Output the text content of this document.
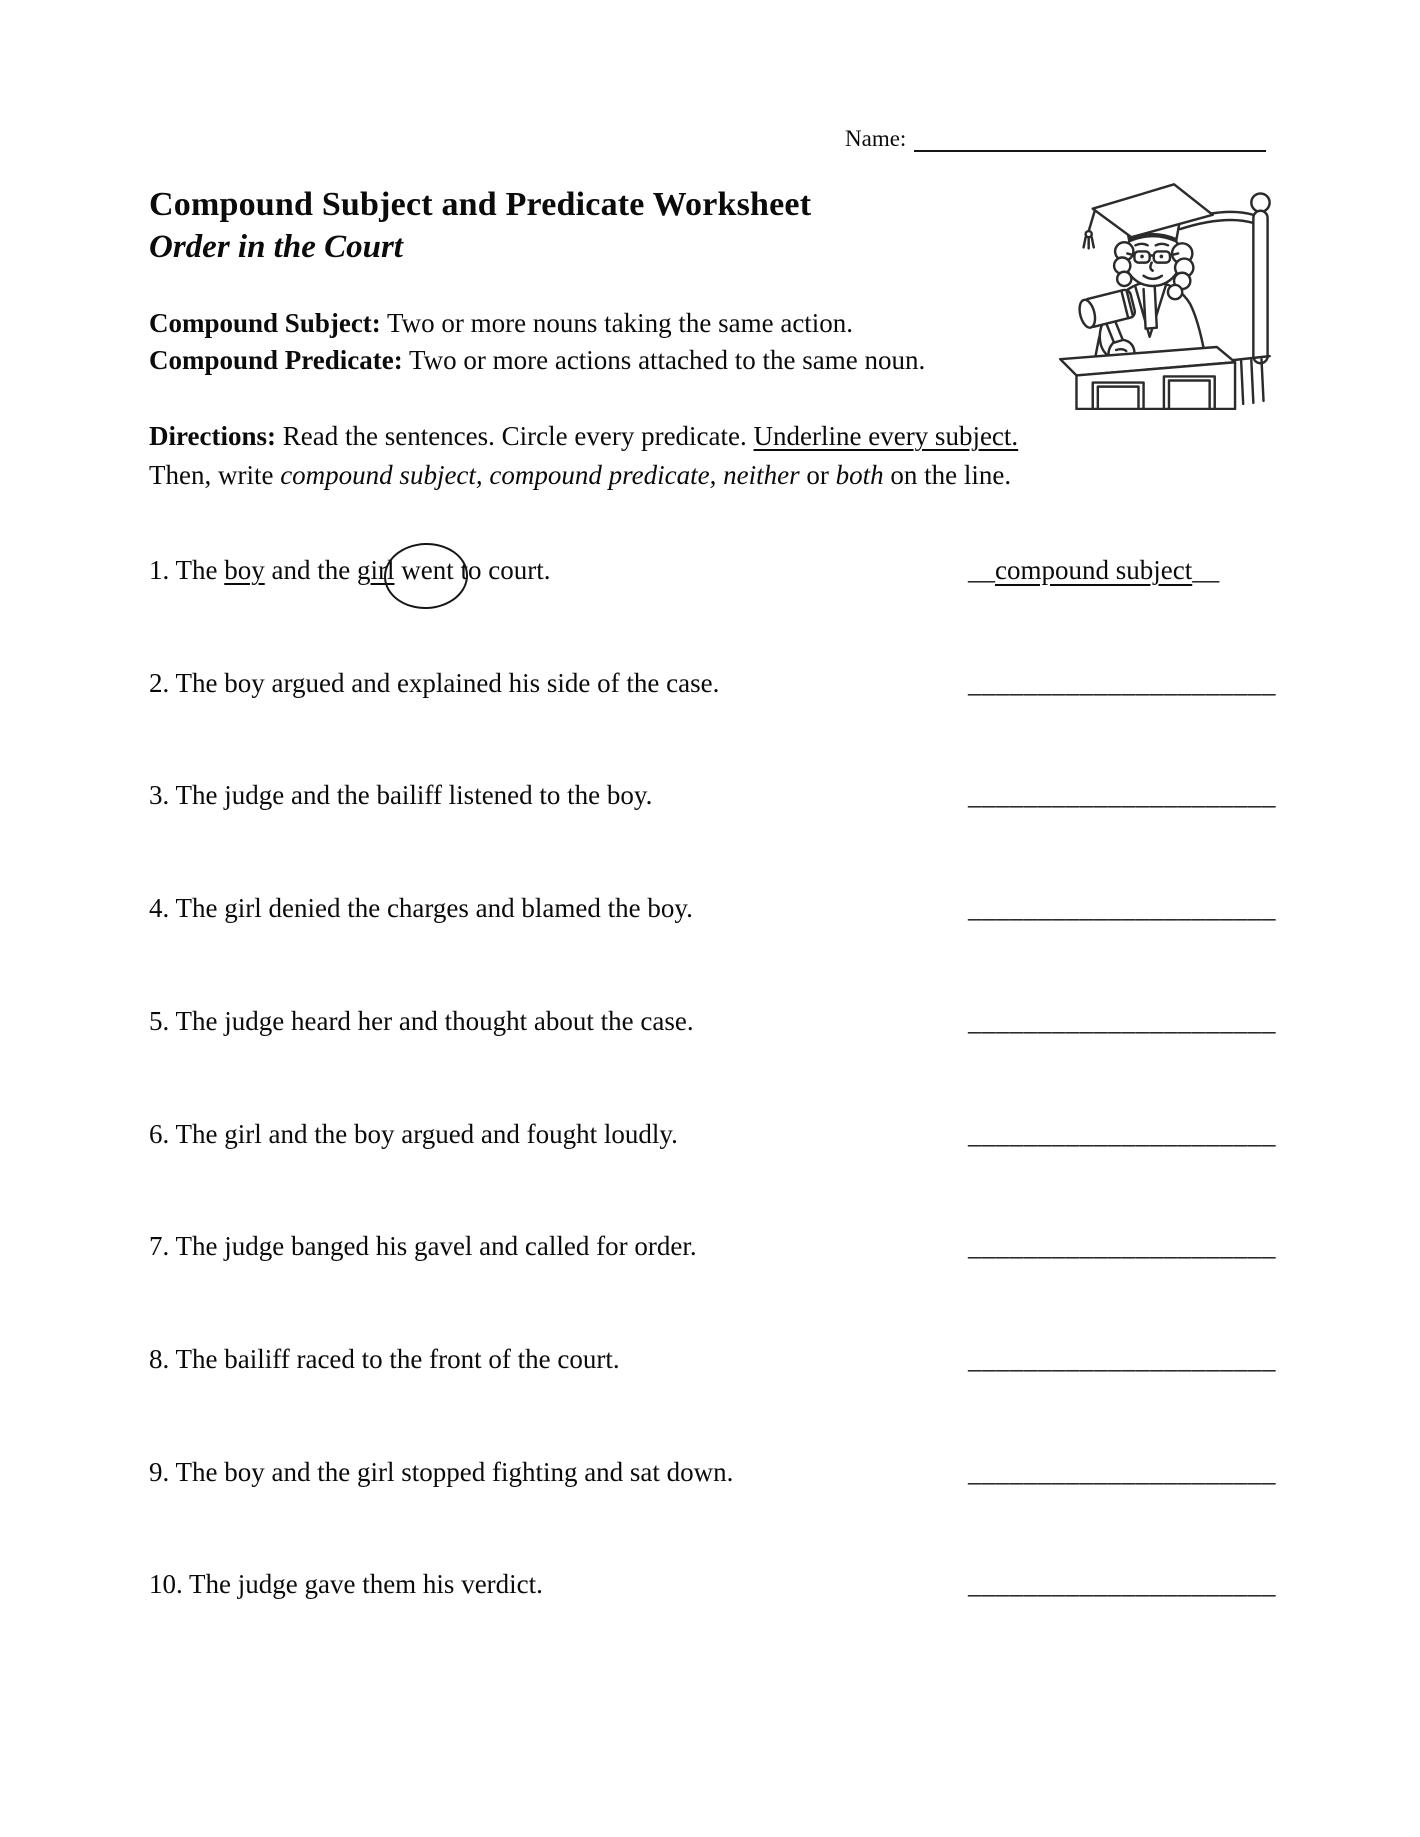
Name:
Compound Subject and Predicate Worksheet
Order in the Court

Compound Subject: Two or more nouns taking the same action.
Compound Predicate: Two or more actions attached to the same noun.

Directions: Read the sentences. Circle every predicate. Underline every subject.
Then, write compound subject, compound predicate, neither or both on the line.

1. The boy and the girl went to court.	__compound subject__
2. The boy argued and explained his side of the case.	______________________
3. The judge and the bailiff listened to the boy.	______________________
4. The girl denied the charges and blamed the boy.	______________________
5. The judge heard her and thought about the case.	______________________
6. The girl and the boy argued and fought loudly.	______________________
7. The judge banged his gavel and called for order.	______________________
8. The bailiff raced to the front of the court.	______________________
9. The boy and the girl stopped fighting and sat down.	______________________
10. The judge gave them his verdict.	______________________
